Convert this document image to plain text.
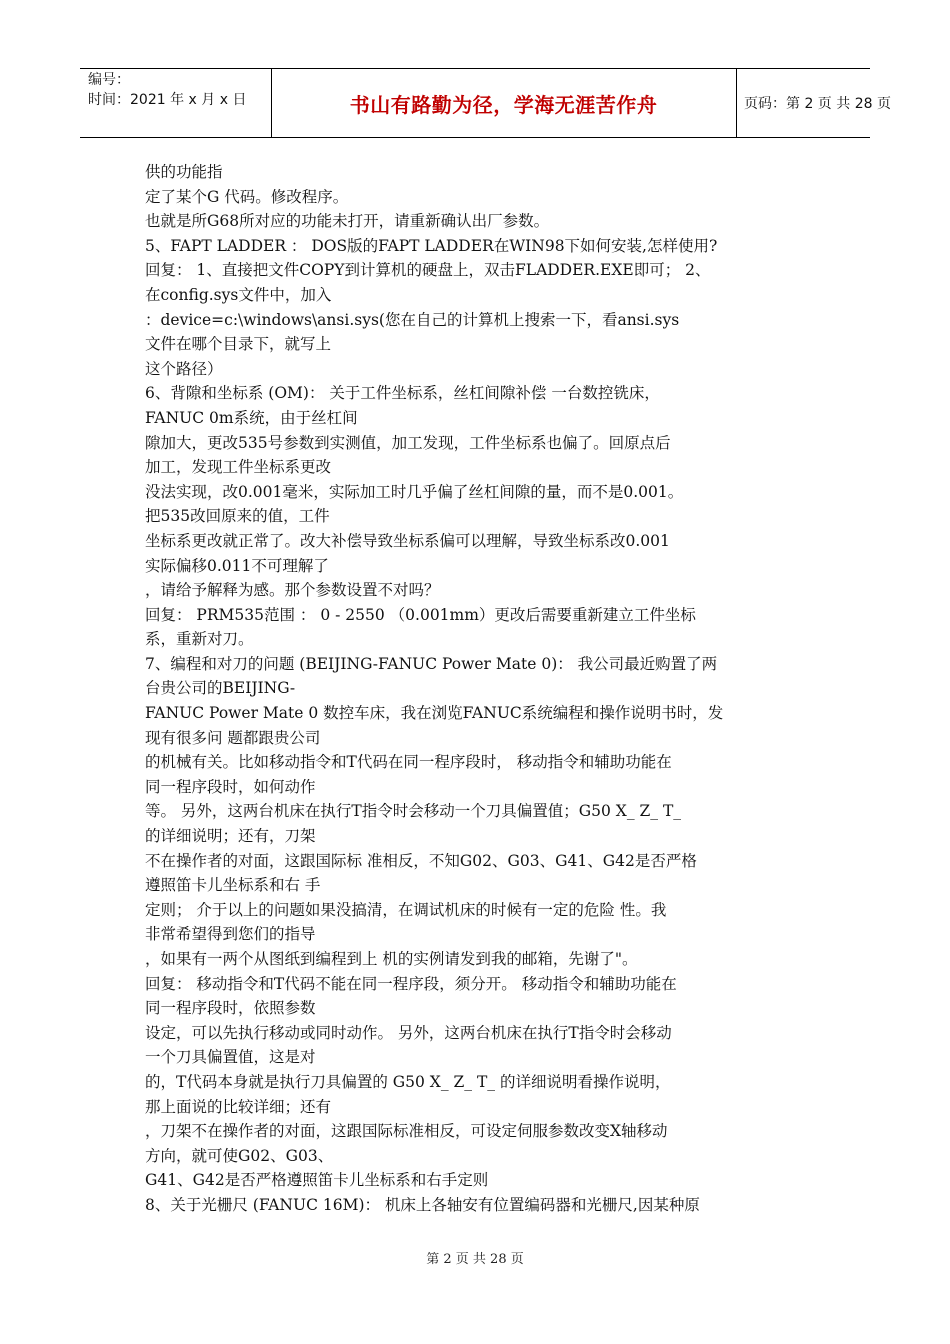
编号：
时间：2021 年 x 月 x 日	书山有路勤为径，学海无涯苦作舟	页码：第 2 页 共 28 页
供的功能指
定了某个G 代码。修改程序。
也就是所G68所对应的功能未打开，请重新确认出厂参数。
5、FAPT LADDER ： DOS版的FAPT LADDER在WIN98下如何安装,怎样使用?
回复： 1、直接把文件COPY到计算机的硬盘上，双击FLADDER.EXE即可； 2、
在config.sys文件中，加入
：device=c:\windows\ansi.sys(您在自己的计算机上搜索一下，看ansi.sys
文件在哪个目录下，就写上
这个路径）
6、背隙和坐标系 (OM)： 关于工件坐标系，丝杠间隙补偿 一台数控铣床，
FANUC 0m系统，由于丝杠间
隙加大，更改535号参数到实测值，加工发现，工件坐标系也偏了。回原点后
加工，发现工件坐标系更改
没法实现，改0.001毫米，实际加工时几乎偏了丝杠间隙的量，而不是0.001。
把535改回原来的值，工件
坐标系更改就正常了。改大补偿导致坐标系偏可以理解，导致坐标系改0.001
实际偏移0.011不可理解了
，请给予解释为感。那个参数设置不对吗？
回复： PRM535范围 ： 0 - 2550 （0.001mm）更改后需要重新建立工件坐标
系，重新对刀。
7、编程和对刀的问题 (BEIJING-FANUC Power Mate 0)： 我公司最近购置了两
台贵公司的BEIJING-
FANUC Power Mate 0 数控车床，我在浏览FANUC系统编程和操作说明书时，发
现有很多问 题都跟贵公司
的机械有关。比如移动指令和T代码在同一程序段时， 移动指令和辅助功能在
同一程序段时，如何动作
等。 另外，这两台机床在执行T指令时会移动一个刀具偏置值；G50 X_ Z_ T_
的详细说明；还有，刀架
不在操作者的对面，这跟国际标 准相反，不知G02、G03、G41、G42是否严格
遵照笛卡儿坐标系和右 手
定则； 介于以上的问题如果没搞清，在调试机床的时候有一定的危险 性。我
非常希望得到您们的指导
，如果有一两个从图纸到编程到上 机的实例请发到我的邮箱，先谢了"。
回复： 移动指令和T代码不能在同一程序段，须分开。 移动指令和辅助功能在
同一程序段时，依照参数
设定，可以先执行移动或同时动作。 另外，这两台机床在执行T指令时会移动
一个刀具偏置值，这是对
的，T代码本身就是执行刀具偏置的 G50 X_ Z_ T_ 的详细说明看操作说明，
那上面说的比较详细；还有
，刀架不在操作者的对面，这跟国际标准相反，可设定伺服参数改变X轴移动
方向，就可使G02、G03、
G41、G42是否严格遵照笛卡儿坐标系和右手定则
8、关于光栅尺 (FANUC 16M)： 机床上各轴安有位置编码器和光栅尺,因某种原
第 2 页 共 28 页
